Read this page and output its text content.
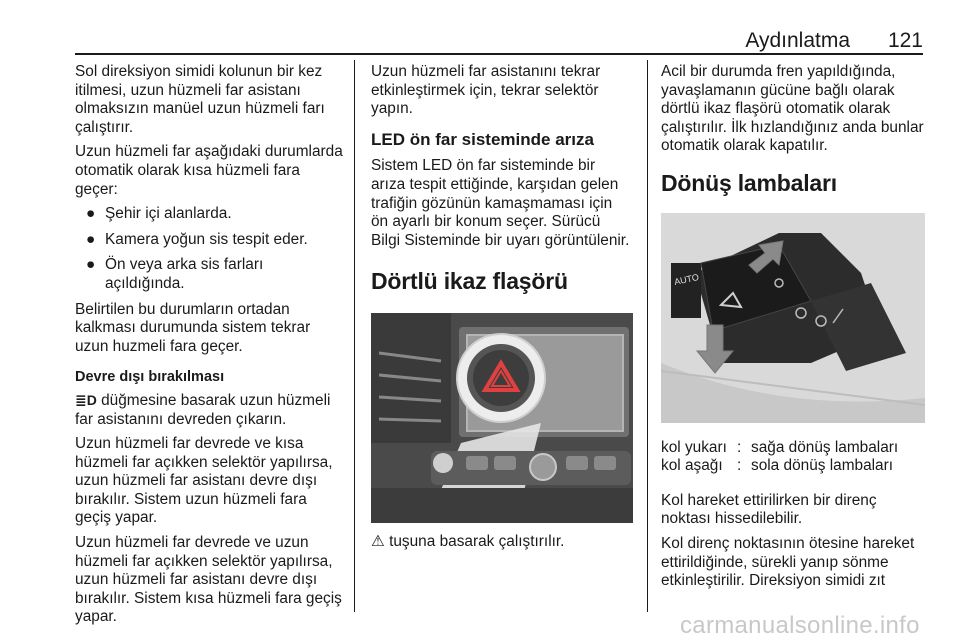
Aydınlatma 121

Sol direksiyon simidi kolunun bir kez itilmesi, uzun hüzmeli far asistanı olmaksızın manüel uzun hüzmeli farı çalıştırır.

Uzun hüzmeli far aşağıdaki durumlarda otomatik olarak kısa hüzmeli fara geçer:

● Şehir içi alanlarda.
● Kamera yoğun sis tespit eder.
● Ön veya arka sis farları açıldığında.

Belirtilen bu durumların ortadan kalkması durumunda sistem tekrar uzun huzmeli fara geçer.

Devre dışı bırakılması

≣D düğmesine basarak uzun hüzmeli far asistanını devreden çıkarın.

Uzun hüzmeli far devrede ve kısa hüzmeli far açıkken selektör yapılırsa, uzun hüzmeli far asistanı devre dışı bırakılır. Sistem uzun hüzmeli fara geçiş yapar.

Uzun hüzmeli far devrede ve uzun hüzmeli far açıkken selektör yapılırsa, uzun hüzmeli far asistanı devre dışı bırakılır. Sistem kısa hüzmeli fara geçiş yapar.

Uzun hüzmeli far asistanını tekrar etkinleştirmek için, tekrar selektör yapın.

LED ön far sisteminde arıza

Sistem LED ön far sisteminde bir arıza tespit ettiğinde, karşıdan gelen trafiğin gözünün kamaşmaması için ön ayarlı bir konum seçer. Sürücü Bilgi Sisteminde bir uyarı görüntülenir.

Dörtlü ikaz flaşörü

⚠ tuşuna basarak çalıştırılır.

Acil bir durumda fren yapıldığında, yavaşlamanın gücüne bağlı olarak dörtlü ikaz flaşörü otomatik olarak çalıştırılır. İlk hızlandığınız anda bunlar otomatik olarak kapatılır.

Dönüş lambaları
AUTO
kol yukarı : sağa dönüş lambaları
kol aşağı : sola dönüş lambaları

Kol hareket ettirilirken bir direnç noktası hissedilebilir.

Kol direnç noktasının ötesine hareket ettirildiğinde, sürekli yanıp sönme etkinleştirilir. Direksiyon simidi zıt

carmanualsonline.info
